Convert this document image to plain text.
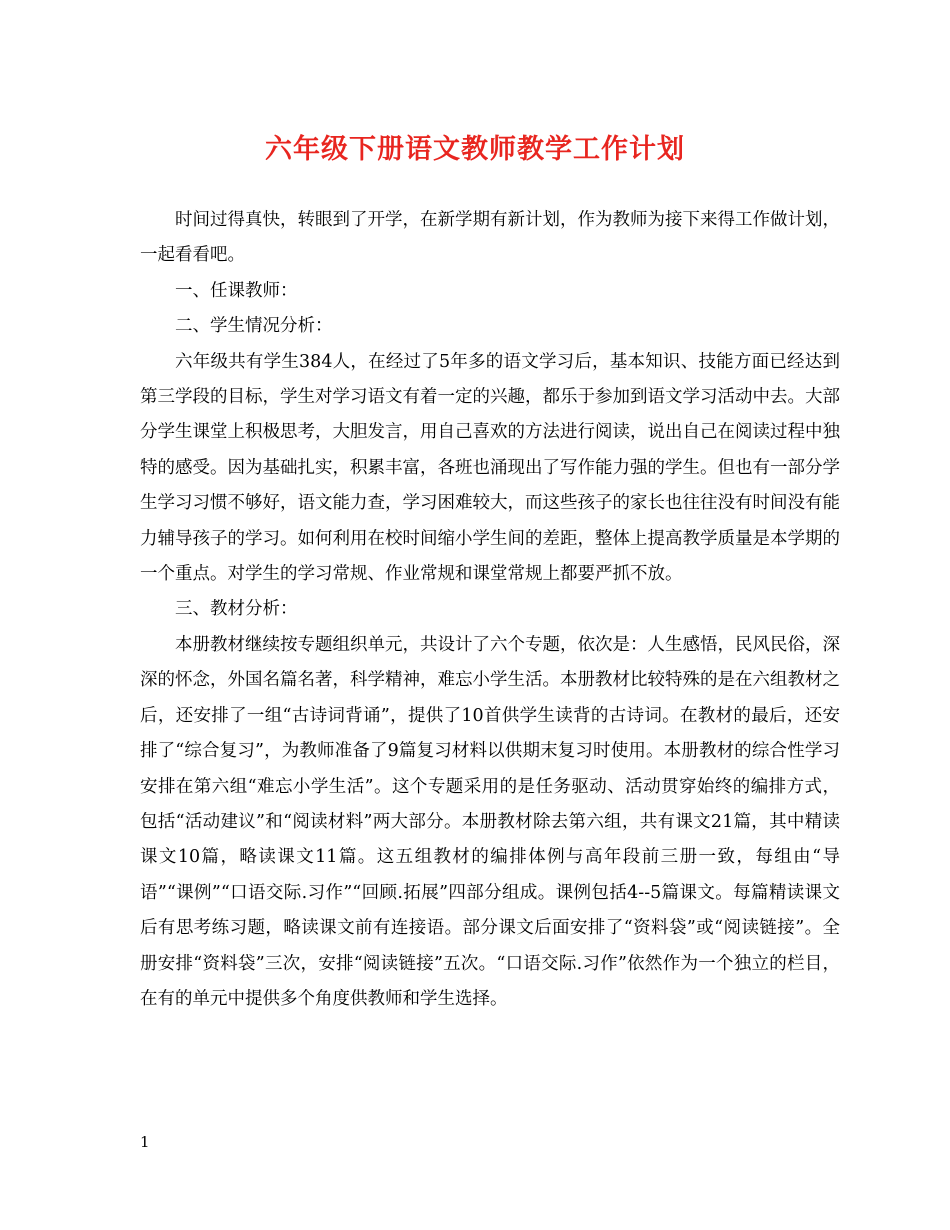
六年级下册语文教师教学工作计划

时间过得真快，转眼到了开学，在新学期有新计划，作为教师为接下来得工作做计划，一起看看吧。

一、任课教师：

二、学生情况分析：

六年级共有学生384人，在经过了5年多的语文学习后，基本知识、技能方面已经达到第三学段的目标，学生对学习语文有着一定的兴趣，都乐于参加到语文学习活动中去。大部分学生课堂上积极思考，大胆发言，用自己喜欢的方法进行阅读，说出自己在阅读过程中独特的感受。因为基础扎实，积累丰富，各班也涌现出了写作能力强的学生。但也有一部分学生学习习惯不够好，语文能力查，学习困难较大，而这些孩子的家长也往往没有时间没有能力辅导孩子的学习。如何利用在校时间缩小学生间的差距，整体上提高教学质量是本学期的一个重点。对学生的学习常规、作业常规和课堂常规上都要严抓不放。

三、教材分析：

本册教材继续按专题组织单元，共设计了六个专题，依次是：人生感悟，民风民俗，深深的怀念，外国名篇名著，科学精神，难忘小学生活。本册教材比较特殊的是在六组教材之后，还安排了一组“古诗词背诵”，提供了10首供学生读背的古诗词。在教材的最后，还安排了“综合复习”，为教师准备了9篇复习材料以供期末复习时使用。本册教材的综合性学习安排在第六组“难忘小学生活”。这个专题采用的是任务驱动、活动贯穿始终的编排方式，包括“活动建议”和“阅读材料”两大部分。本册教材除去第六组，共有课文21篇，其中精读课文10篇，略读课文11篇。这五组教材的编排体例与高年段前三册一致，每组由“导语”“课例”“口语交际.习作”“回顾.拓展”四部分组成。课例包括4--5篇课文。每篇精读课文后有思考练习题，略读课文前有连接语。部分课文后面安排了“资料袋”或“阅读链接”。全册安排“资料袋”三次，安排“阅读链接”五次。“口语交际.习作”依然作为一个独立的栏目，在有的单元中提供多个角度供教师和学生选择。

1
